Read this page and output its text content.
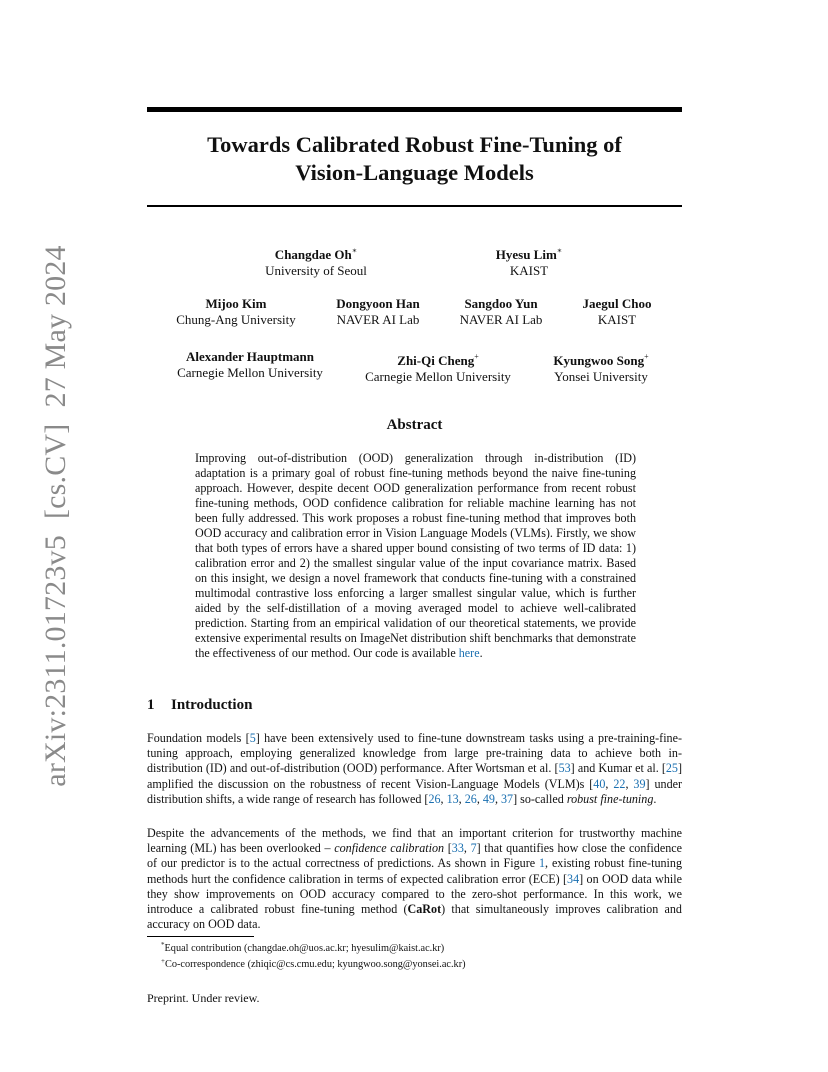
arXiv:2311.01723v5[cs.CV]27 May 2024
Towards Calibrated Robust Fine-Tuning of
Vision-Language Models
Changdae Oh∗
University of Seoul
Hyesu Lim∗
KAIST
Mijoo Kim
Chung-Ang University
Dongyoon Han
NAVER AI Lab
Sangdoo Yun
NAVER AI Lab
Jaegul Choo
KAIST
Alexander Hauptmann
Carnegie Mellon University
Zhi-Qi Cheng+
Carnegie Mellon University
Kyungwoo Song+
Yonsei University
Abstract
Improving out-of-distribution (OOD) generalization through in-distribution (ID) adaptation is a primary goal of robust fine-tuning methods beyond the naive fine-tuning approach. However, despite decent OOD generalization performance from recent robust fine-tuning methods, OOD confidence calibration for reliable machine learning has not been fully addressed. This work proposes a robust fine-tuning method that improves both OOD accuracy and calibration error in Vision Language Models (VLMs). Firstly, we show that both types of errors have a shared upper bound consisting of two terms of ID data: 1) calibration error and 2) the smallest singular value of the input covariance matrix. Based on this insight, we design a novel framework that conducts fine-tuning with a constrained multimodal contrastive loss enforcing a larger smallest singular value, which is further aided by the self-distillation of a moving averaged model to achieve well-calibrated prediction. Starting from an empirical validation of our theoretical statements, we provide extensive experimental results on ImageNet distribution shift benchmarks that demonstrate the effectiveness of our method. Our code is available here.
1 Introduction
Foundation models [5] have been extensively used to fine-tune downstream tasks using a pre-training-fine-tuning approach, employing generalized knowledge from large pre-training data to achieve both in-distribution (ID) and out-of-distribution (OOD) performance. After Wortsman et al. [53] and Kumar et al. [25] amplified the discussion on the robustness of recent Vision-Language Models (VLM)s [40, 22, 39] under distribution shifts, a wide range of research has followed [26, 13, 26, 49, 37] so-called robust fine-tuning.
Despite the advancements of the methods, we find that an important criterion for trustworthy machine learning (ML) has been overlooked – confidence calibration [33, 7] that quantifies how close the confidence of our predictor is to the actual correctness of predictions. As shown in Figure 1, existing robust fine-tuning methods hurt the confidence calibration in terms of expected calibration error (ECE) [34] on OOD data while they show improvements on OOD accuracy compared to the zero-shot performance. In this work, we introduce a calibrated robust fine-tuning method (CaRot) that simultaneously improves calibration and accuracy on OOD data.
*Equal contribution (changdae.oh@uos.ac.kr; hyesulim@kaist.ac.kr)
+Co-correspondence (zhiqic@cs.cmu.edu; kyungwoo.song@yonsei.ac.kr)
Preprint. Under review.
